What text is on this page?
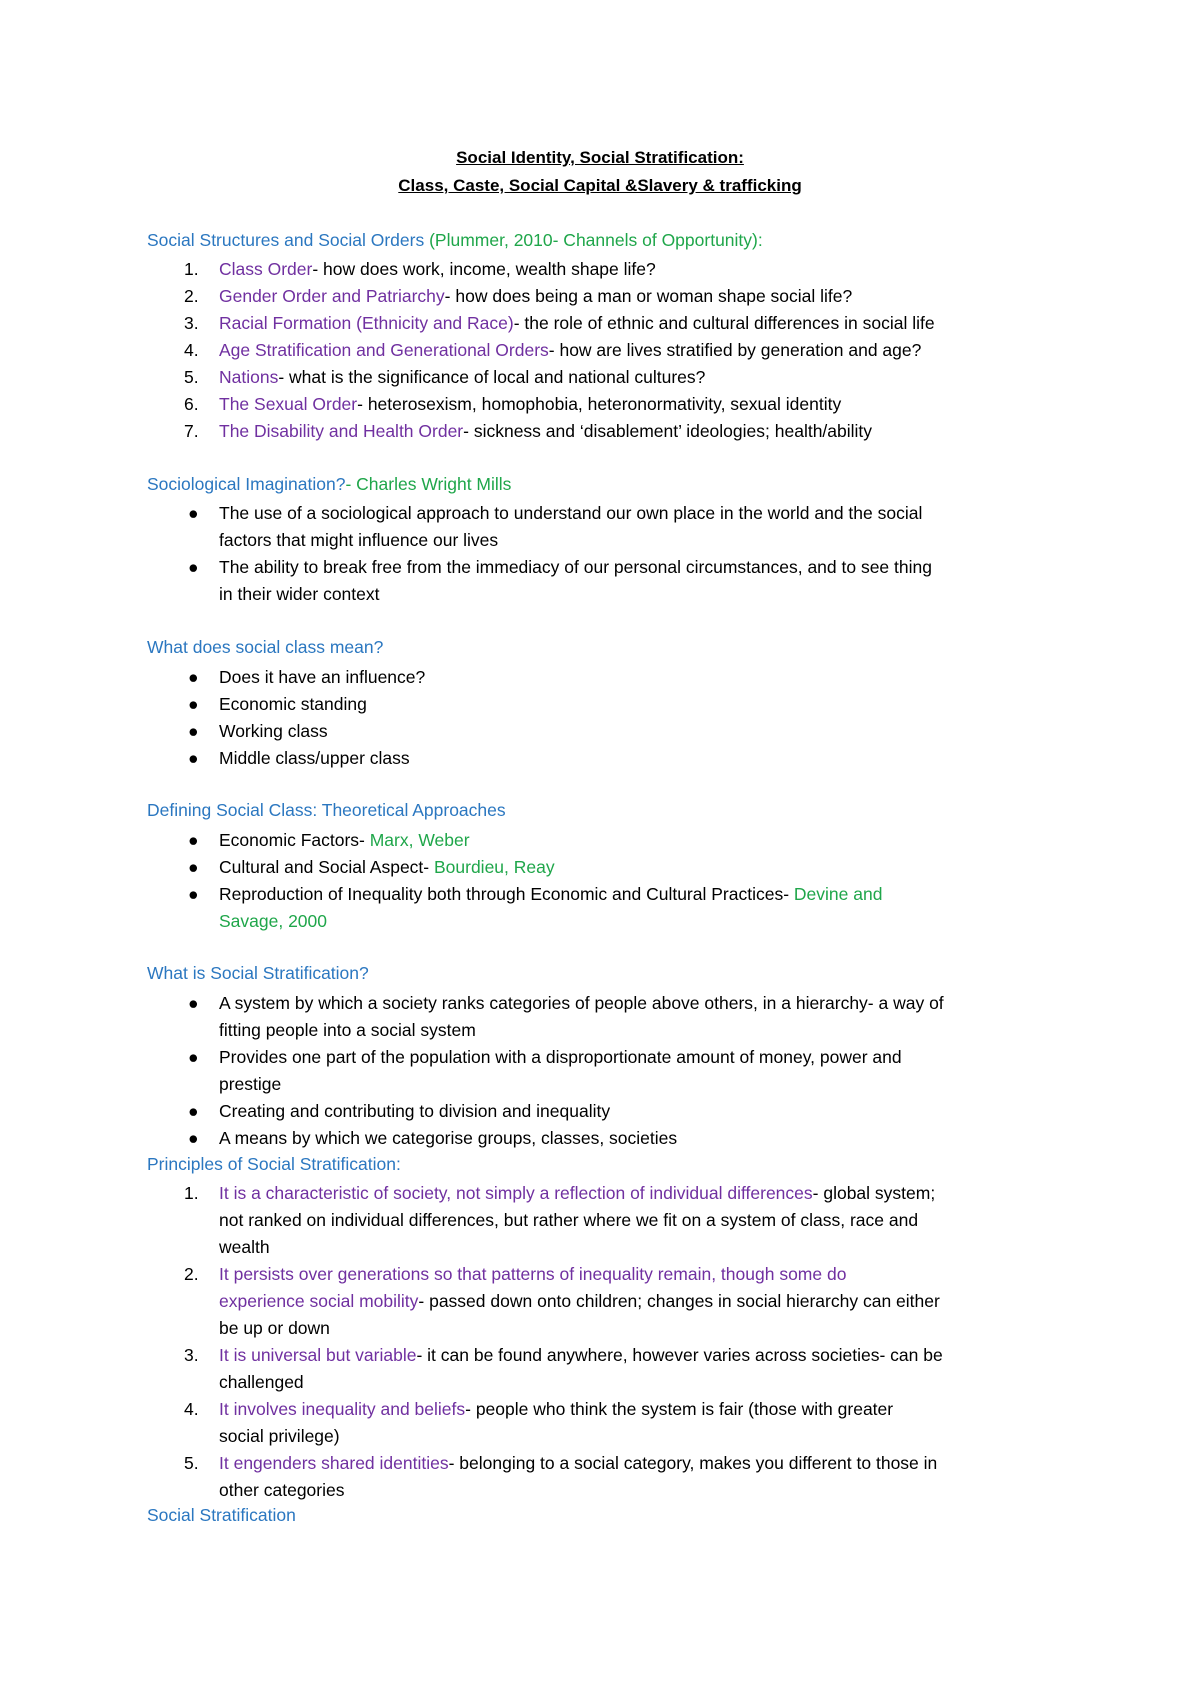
Social Identity, Social Stratification:
Class, Caste, Social Capital &Slavery & trafficking
Social Structures and Social Orders (Plummer, 2010- Channels of Opportunity):
1.	Class Order- how does work, income, wealth shape life?
2.	Gender Order and Patriarchy- how does being a man or woman shape social life?
3.	Racial Formation (Ethnicity and Race)- the role of ethnic and cultural differences in social life
4.	Age Stratification and Generational Orders- how are lives stratified by generation and age?
5.	Nations- what is the significance of local and national cultures?
6.	The Sexual Order- heterosexism, homophobia, heteronormativity, sexual identity
7.	The Disability and Health Order- sickness and ‘disablement’ ideologies; health/ability
Sociological Imagination?- Charles Wright Mills
● The use of a sociological approach to understand our own place in the world and the social
factors that might influence our lives
● The ability to break free from the immediacy of our personal circumstances, and to see thing
in their wider context
What does social class mean?
● Does it have an influence?
● Economic standing
● Working class
● Middle class/upper class
Defining Social Class: Theoretical Approaches
● Economic Factors- Marx, Weber
● Cultural and Social Aspect- Bourdieu, Reay
● Reproduction of Inequality both through Economic and Cultural Practices- Devine and
Savage, 2000
What is Social Stratification?
● A system by which a society ranks categories of people above others, in a hierarchy- a way of
fitting people into a social system
● Provides one part of the population with a disproportionate amount of money, power and
prestige
● Creating and contributing to division and inequality
● A means by which we categorise groups, classes, societies
Principles of Social Stratification:
1.	It is a characteristic of society, not simply a reflection of individual differences- global system;
not ranked on individual differences, but rather where we fit on a system of class, race and
wealth
2.	It persists over generations so that patterns of inequality remain, though some do
experience social mobility- passed down onto children; changes in social hierarchy can either
be up or down
3.	It is universal but variable- it can be found anywhere, however varies across societies- can be
challenged
4.	It involves inequality and beliefs- people who think the system is fair (those with greater
social privilege)
5.	It engenders shared identities- belonging to a social category, makes you different to those in
other categories
Social Stratification
